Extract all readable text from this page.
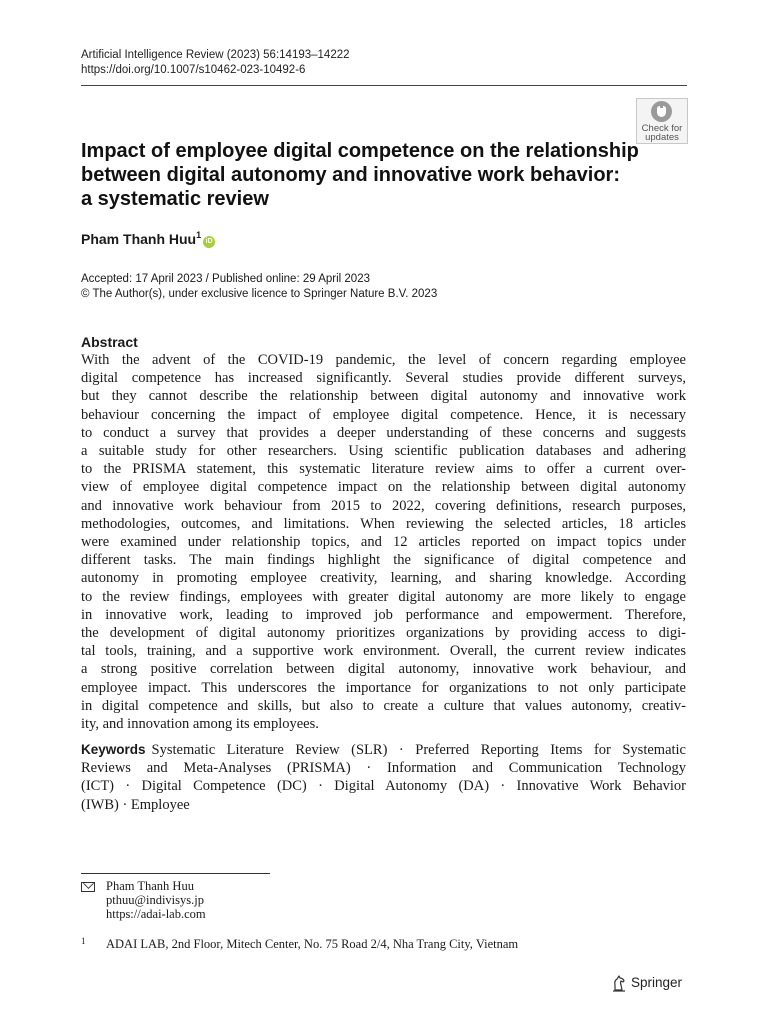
Artificial Intelligence Review (2023) 56:14193–14222
https://doi.org/10.1007/s10462-023-10492-6
Check for
updates
Impact of employee digital competence on the relationship
between digital autonomy and innovative work behavior:
a systematic review
Pham Thanh Huu$^1$iD
Accepted: 17 April 2023 / Published online: 29 April 2023
© The Author(s), under exclusive licence to Springer Nature B.V. 2023
Abstract
With the advent of the COVID-19 pandemic, the level of concern regarding employee
digital competence has increased significantly. Several studies provide different surveys,
but they cannot describe the relationship between digital autonomy and innovative work
behaviour concerning the impact of employee digital competence. Hence, it is necessary
to conduct a survey that provides a deeper understanding of these concerns and suggests
a suitable study for other researchers. Using scientific publication databases and adhering
to the PRISMA statement, this systematic literature review aims to offer a current over-
view of employee digital competence impact on the relationship between digital autonomy
and innovative work behaviour from 2015 to 2022, covering definitions, research purposes,
methodologies, outcomes, and limitations. When reviewing the selected articles, 18 articles
were examined under relationship topics, and 12 articles reported on impact topics under
different tasks. The main findings highlight the significance of digital competence and
autonomy in promoting employee creativity, learning, and sharing knowledge. According
to the review findings, employees with greater digital autonomy are more likely to engage
in innovative work, leading to improved job performance and empowerment. Therefore,
the development of digital autonomy prioritizes organizations by providing access to digi-
tal tools, training, and a supportive work environment. Overall, the current review indicates
a strong positive correlation between digital autonomy, innovative work behaviour, and
employee impact. This underscores the importance for organizations to not only participate
in digital competence and skills, but also to create a culture that values autonomy, creativ-
ity, and innovation among its employees.
Keywords Systematic Literature Review (SLR) · Preferred Reporting Items for Systematic
Reviews and Meta-Analyses (PRISMA) · Information and Communication Technology
(ICT) · Digital Competence (DC) · Digital Autonomy (DA) · Innovative Work Behavior
(IWB) · Employee
Pham Thanh Huu
pthuu@indivisys.jp
https://adai-lab.com
1 ADAI LAB, 2nd Floor, Mitech Center, No. 75 Road 2/4, Nha Trang City, Vietnam
Springer
